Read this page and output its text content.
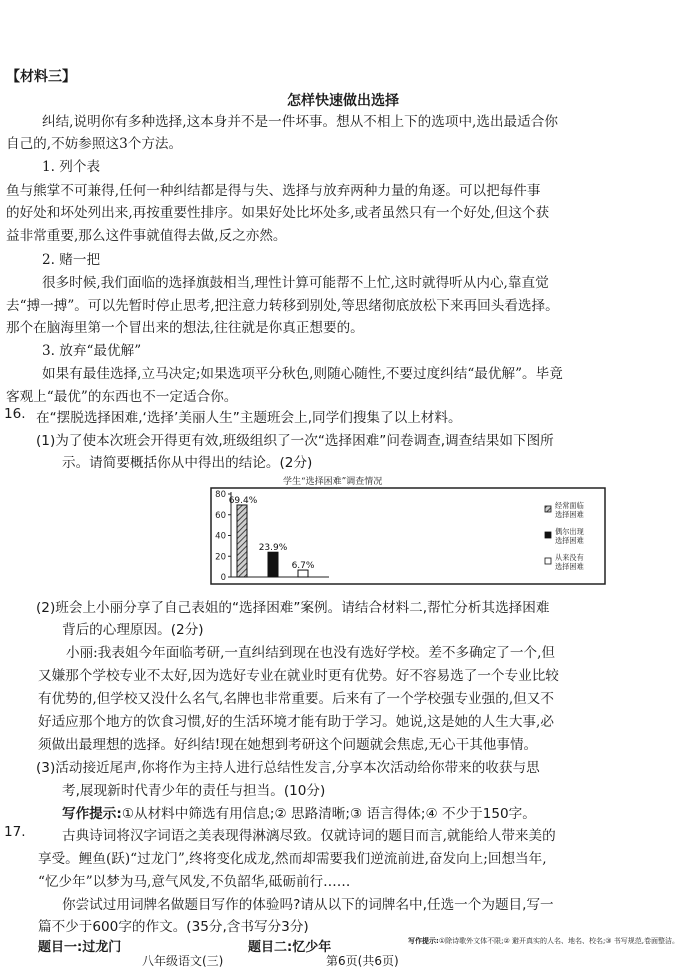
【材料三】
怎样快速做出选择
纠结,说明你有多种选择,这本身并不是一件坏事。想从不相上下的选项中,选出最适合你
自己的,不妨参照这3个方法。
1. 列个表
鱼与熊掌不可兼得,任何一种纠结都是得与失、选择与放弃两种力量的角逐。可以把每件事
的好处和坏处列出来,再按重要性排序。如果好处比坏处多,或者虽然只有一个好处,但这个获
益非常重要,那么这件事就值得去做,反之亦然。
2. 赌一把
很多时候,我们面临的选择旗鼓相当,理性计算可能帮不上忙,这时就得听从内心,靠直觉
去“搏一搏”。可以先暂时停止思考,把注意力转移到别处,等思绪彻底放松下来再回头看选择。
那个在脑海里第一个冒出来的想法,往往就是你真正想要的。
3. 放弃“最优解”
如果有最佳选择,立马决定;如果选项平分秋色,则随心随性,不要过度纠结“最优解”。毕竟
客观上“最优”的东西也不一定适合你。
16. 在“摆脱选择困难,‘选择’美丽人生”主题班会上,同学们搜集了以上材料。
(1)为了使本次班会开得更有效,班级组织了一次“选择困难”问卷调查,调查结果如下图所
示。请简要概括你从中得出的结论。(2分)
学生“选择困难”调查情况
0
20
40
60
80
69.4%
23.9%
6.7%
经常面临
选择困难
偶尔出现
选择困难
从来没有
选择困难
(2)班会上小丽分享了自己表姐的“选择困难”案例。请结合材料二,帮忙分析其选择困难
背后的心理原因。(2分)
小丽:我表姐今年面临考研,一直纠结到现在也没有选好学校。差不多确定了一个,但
又嫌那个学校专业不太好,因为选好专业在就业时更有优势。好不容易选了一个专业比较
有优势的,但学校又没什么名气,名牌也非常重要。后来有了一个学校强专业强的,但又不
好适应那个地方的饮食习惯,好的生活环境才能有助于学习。她说,这是她的人生大事,必
须做出最理想的选择。好纠结!现在她想到考研这个问题就会焦虑,无心干其他事情。
(3)活动接近尾声,你将作为主持人进行总结性发言,分享本次活动给你带来的收获与思
考,展现新时代青少年的责任与担当。(10分)
写作提示:①从材料中筛选有用信息;② 思路清晰;③ 语言得体;④ 不少于150字。
17.	古典诗词将汉字词语之美表现得淋漓尽致。仅就诗词的题目而言,就能给人带来美的
享受。鲤鱼(跃)“过龙门”,终将变化成龙,然而却需要我们逆流前进,奋发向上;回想当年,
“忆少年”以梦为马,意气风发,不负韶华,砥砺前行……
你尝试过用词牌名做题目写作的体验吗?请从以下的词牌名中,任选一个为题目,写一
篇不少于600字的作文。(35分,含书写分3分)
题目一:过龙门	题目二:忆少年	写作提示:①除诗歌外文体不限;② 避开真实的人名、地名、校名;③ 书写规范,卷面整洁。
八年级语文(三)	第6页(共6页)
